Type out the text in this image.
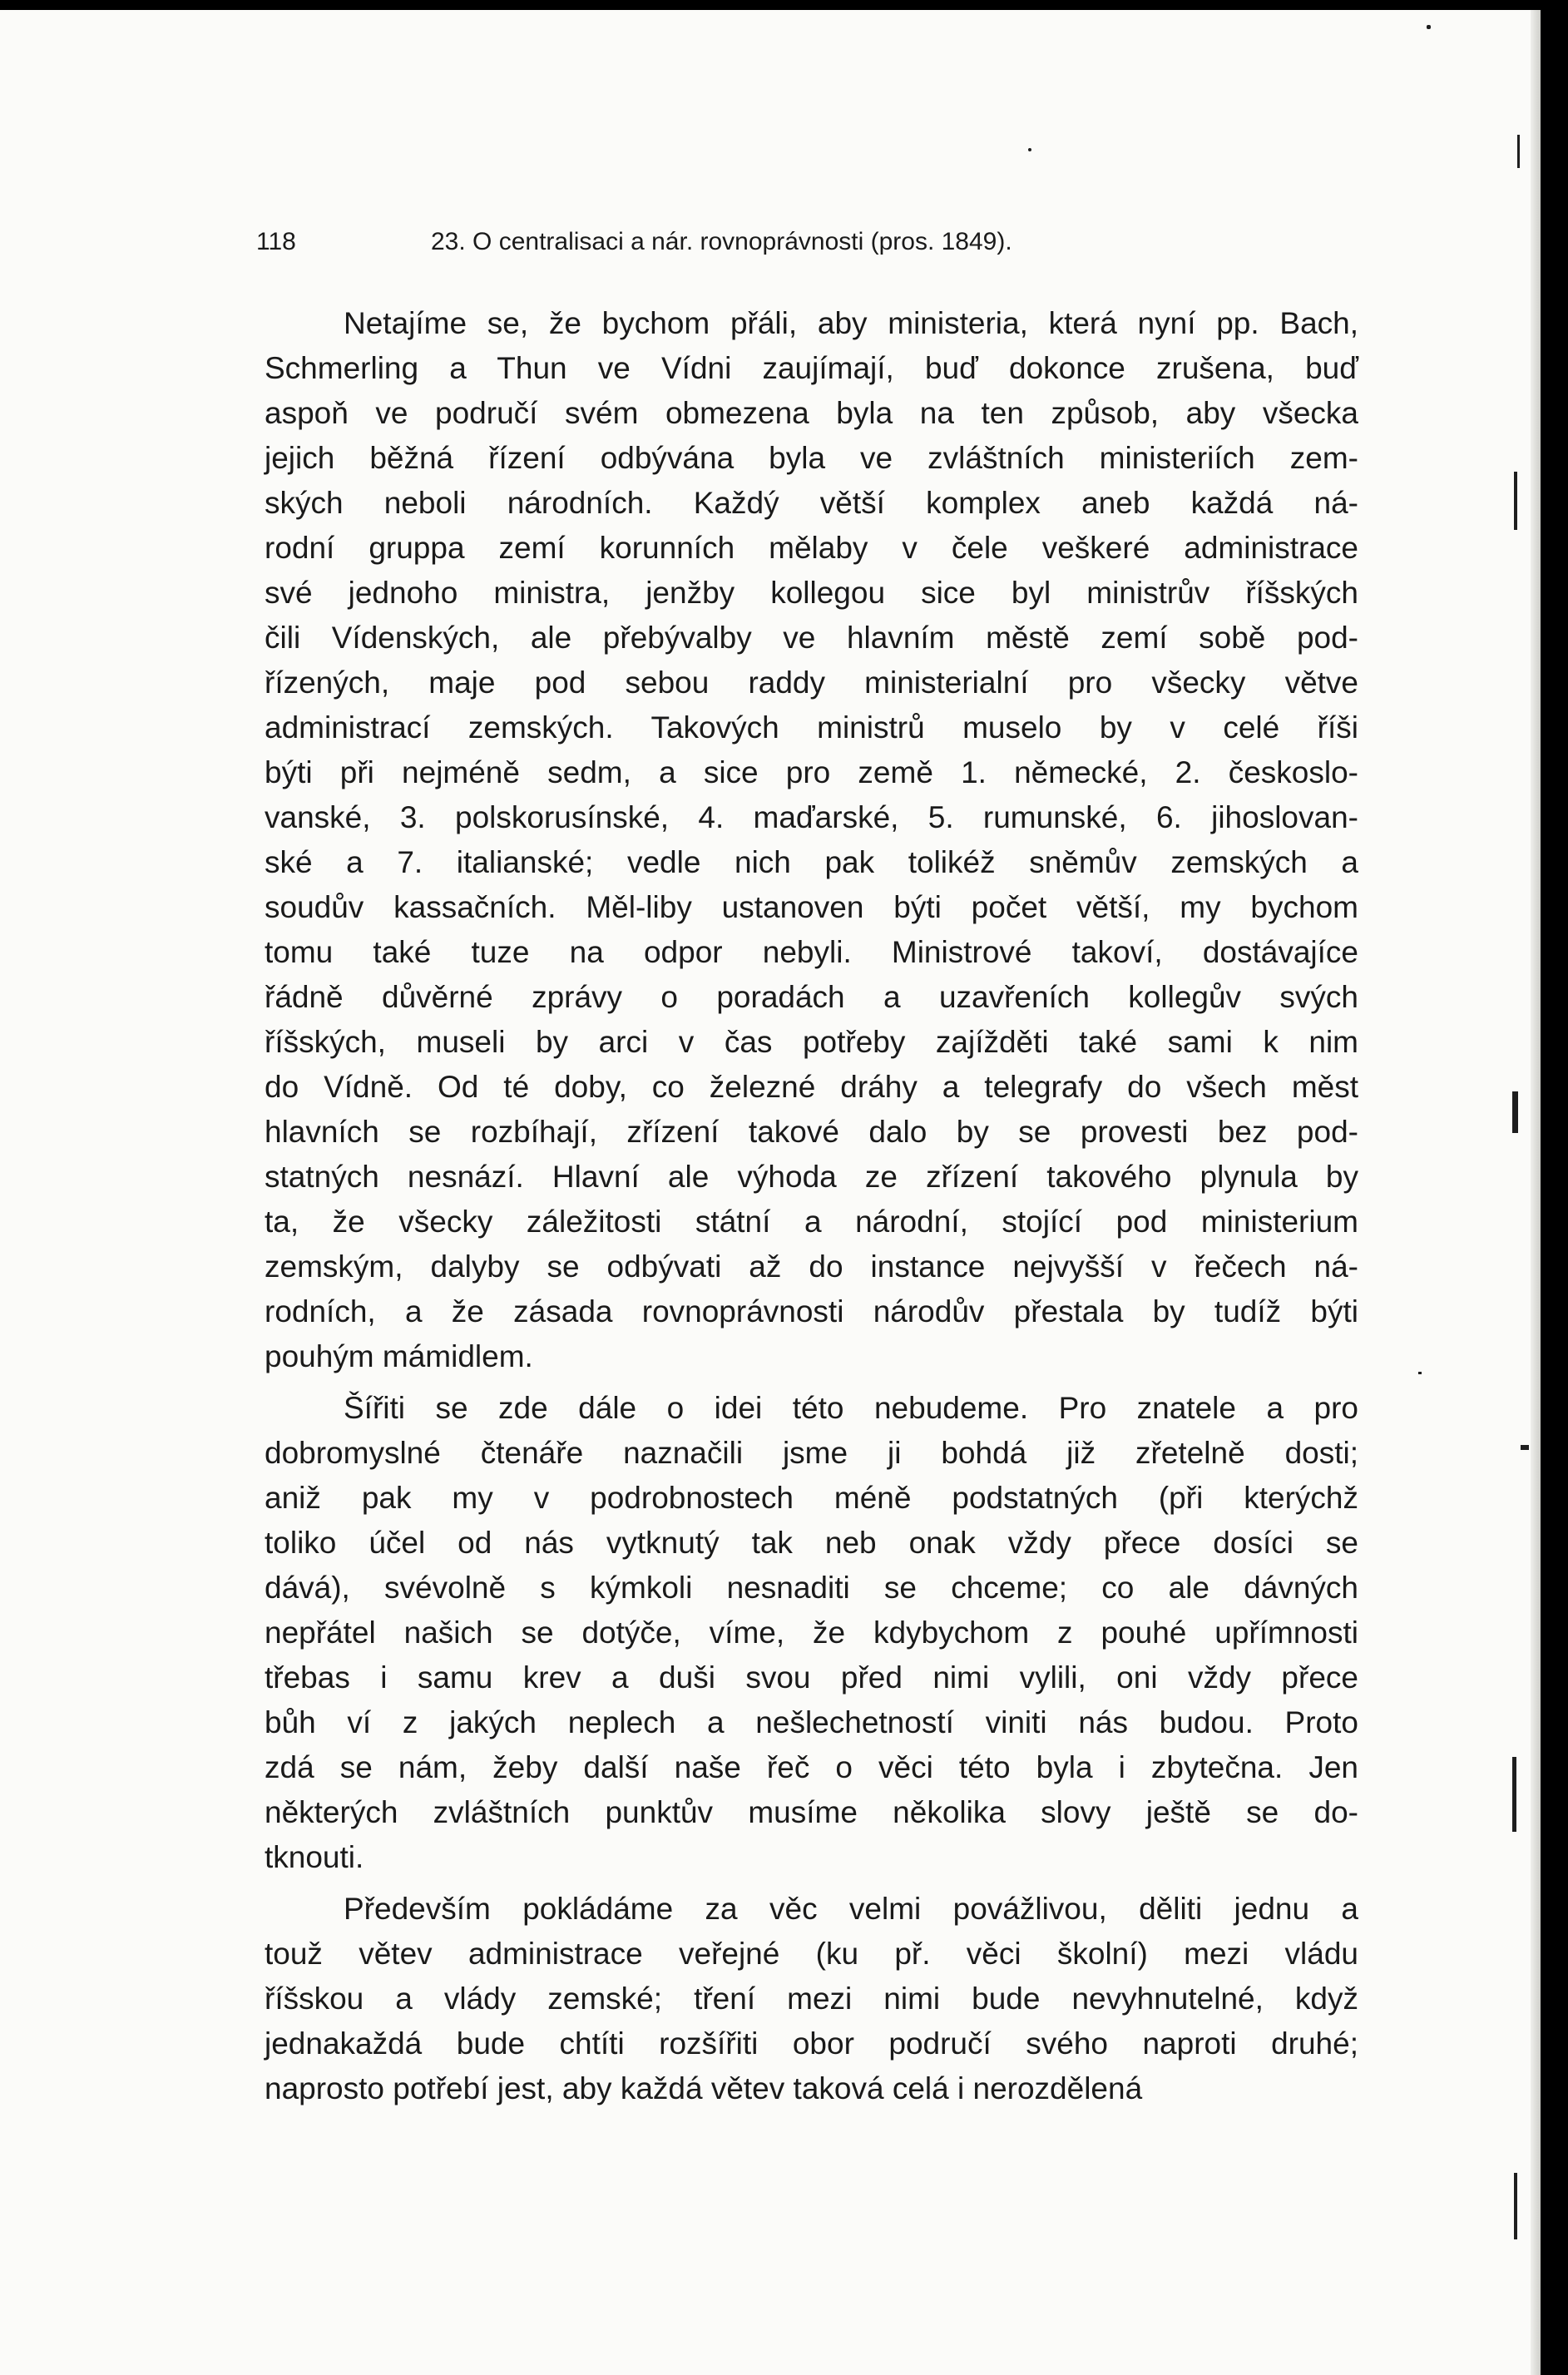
118	23. O centralisaci a nár. rovnoprávnosti (pros. 1849).
Netajíme se, že bychom přáli, aby ministeria, která nyní pp. Bach,
Schmerling a Thun ve Vídni zaujímají, buď dokonce zrušena, buď
aspoň ve područí svém obmezena byla na ten způsob, aby všecka
jejich běžná řízení odbývána byla ve zvláštních ministeriích zem-
ských neboli národních. Každý větší komplex aneb každá ná-
rodní gruppa zemí korunních mělaby v čele veškeré administrace
své jednoho ministra, jenžby kollegou sice byl ministrův říšských
čili Vídenských, ale přebývalby ve hlavním městě zemí sobě pod-
řízených, maje pod sebou raddy ministerialní pro všecky větve
administrací zemských. Takových ministrů muselo by v celé říši
býti při nejméně sedm, a sice pro země 1. německé, 2. českoslo-
vanské, 3. polskorusínské, 4. maďarské, 5. rumunské, 6. jihoslovan-
ské a 7. italianské; vedle nich pak tolikéž sněmův zemských a
soudův kassačních. Měl-liby ustanoven býti počet větší, my bychom
tomu také tuze na odpor nebyli. Ministrové takoví, dostávajíce
řádně důvěrné zprávy o poradách a uzavřeních kollegův svých
říšských, museli by arci v čas potřeby zajížděti také sami k nim
do Vídně. Od té doby, co železné dráhy a telegrafy do všech měst
hlavních se rozbíhají, zřízení takové dalo by se provesti bez pod-
statných nesnází. Hlavní ale výhoda ze zřízení takového plynula by
ta, že všecky záležitosti státní a národní, stojící pod ministerium
zemským, dalyby se odbývati až do instance nejvyšší v řečech ná-
rodních, a že zásada rovnoprávnosti národův přestala by tudíž býti
pouhým mámidlem.
Šířiti se zde dále o idei této nebudeme. Pro znatele a pro
dobromyslné čtenáře naznačili jsme ji bohdá již zřetelně dosti;
aniž pak my v podrobnostech méně podstatných (při kterýchž
toliko účel od nás vytknutý tak neb onak vždy přece dosíci se
dává), svévolně s kýmkoli nesnaditi se chceme; co ale dávných
nepřátel našich se dotýče, víme, že kdybychom z pouhé upřímnosti
třebas i samu krev a duši svou před nimi vylili, oni vždy přece
bůh ví z jakých neplech a nešlechetností viniti nás budou. Proto
zdá se nám, žeby další naše řeč o věci této byla i zbytečna. Jen
některých zvláštních punktův musíme několika slovy ještě se do-
tknouti.
Především pokládáme za věc velmi povážlivou, děliti jednu a
touž větev administrace veřejné (ku př. věci školní) mezi vládu
říšskou a vlády zemské; tření mezi nimi bude nevyhnutelné, když
jednakaždá bude chtíti rozšířiti obor područí svého naproti druhé;
naprosto potřebí jest, aby každá větev taková celá i nerozdělená
